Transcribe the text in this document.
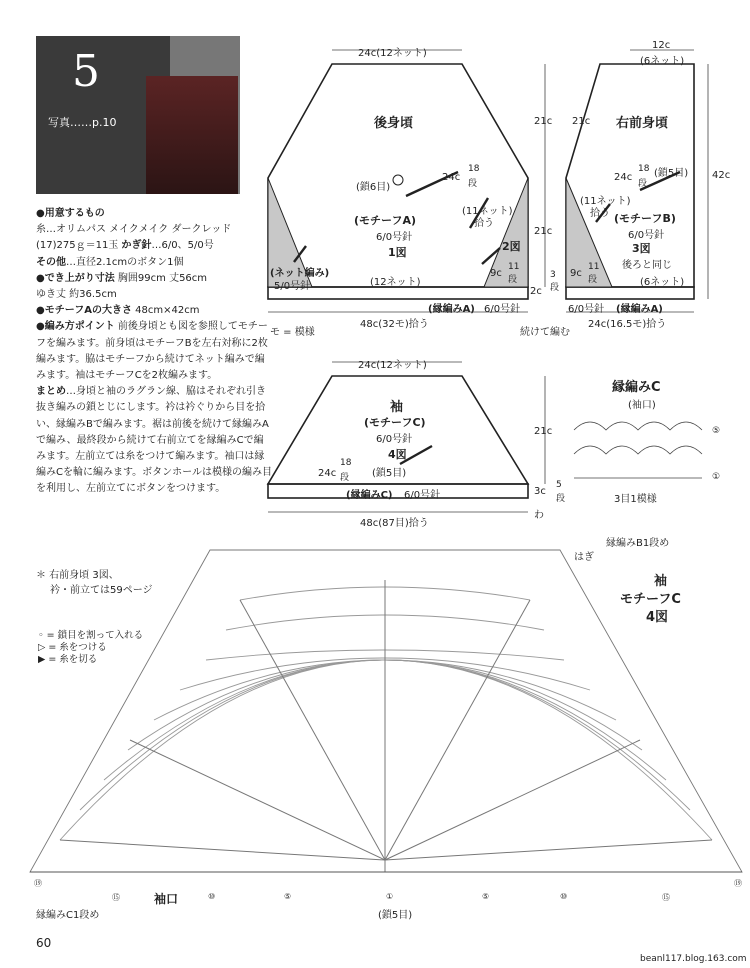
5
写真……p.10

●用意するもの

糸…オリムパス メイクメイク ダークレッド

(17)275ｇ＝11玉 かぎ針…6/0、5/0号

その他…直径2.1cmのボタン1個

●でき上がり寸法 胸囲99cm 丈56cm

ゆき丈 約36.5cm

●モチーフAの大きさ 48cm×42cm

●編み方ポイント 前後身頃とも図を参照してモチーフを編みます。前身頃はモチーフBを左右対称に2枚編みます。脇はモチーフから続けてネット編みで編みます。袖はモチーフCを2枚編みます。

まとめ…身頃と袖のラグラン線、脇はそれぞれ引き抜き編みの鎖とじにします。衿は衿ぐりから目を拾い、縁編みBで編みます。裾は前後を続けて縁編みAで編み、最終段から続けて右前立てを縁編みCで編みます。左前立ては糸をつけて編みます。袖口は縁編みCを輪に編みます。ボタンホールは模様の編み目を利用し、左前立てにボタンをつけます。

24c(12ネット)
後身頃	21c
21c
(鎖6目)
24c
18
段
(11ネット)
拾う
(モチーフA)
6/0号針
1図	2図
(ネット編み)
5/0号針	(12ネット)
9c
11
段
(縁編みA) 6/0号針
3
段
2c
48c(32モ)拾う
モ = 模様	続けて編む
12c
(6ネット)
右前身頃
42c
21c
24c
18
段
(鎖5目)
(11ネット)
拾う (モチーフB)
6/0号針
3図
後ろと同じ
9c
11
段	(6ネット)
6/0号針 (縁編みA)
24c(16.5モ)拾う
24c(12ネット)
袖
(モチーフC)
6/0号針
4図
21c
24c
18
段 (鎖5目)
(縁編みC) 6/0号針	3c
5
段
わ
48c(87目)拾う
縁編みC
(袖口)
⑤
①
3目1模様
＊ 右前身頃 3図、
衿・前立ては59ページ
◦ = 鎖目を割って入れる
▷ = 糸をつける
▶ = 糸を切る
縁編みB1段め
はぎ
袖
モチーフC
4図
袖口
縁編みC1段め	(鎖5目)
⑲
⑮	⑩	⑤	①	⑤	⑩	⑮
⑲
60
beanl117.blog.163.com
